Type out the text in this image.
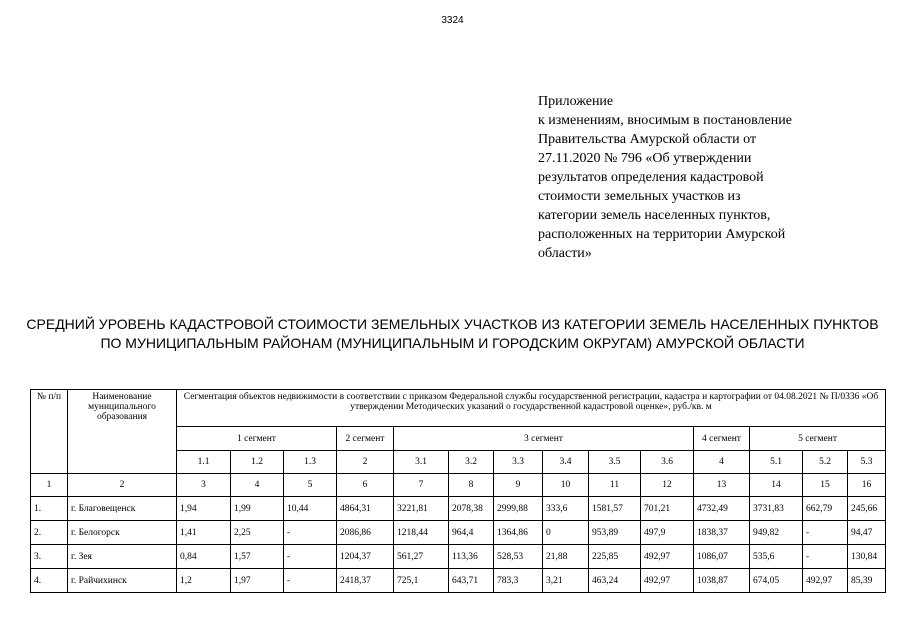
3324
Приложение
к изменениям, вносимым в постановление
Правительства Амурской области от
27.11.2020 № 796 «Об утверждении
результатов определения кадастровой
стоимости земельных участков из
категории земель населенных пунктов,
расположенных на территории Амурской
области»
СРЕДНИЙ УРОВЕНЬ КАДАСТРОВОЙ СТОИМОСТИ ЗЕМЕЛЬНЫХ УЧАСТКОВ ИЗ КАТЕГОРИИ ЗЕМЕЛЬ НАСЕЛЕННЫХ ПУНКТОВ ПО МУНИЦИПАЛЬНЫМ РАЙОНАМ (МУНИЦИПАЛЬНЫМ И ГОРОДСКИМ ОКРУГАМ) АМУРСКОЙ ОБЛАСТИ
№ п/п	Наименование муниципального образования	Сегментация объектов недвижимости в соответствии с приказом Федеральной службы государственной регистрации, кадастра и картографии от 04.08.2021 № П/0336 «Об утверждении Методических указаний о государственной кадастровой оценке», руб./кв. м													
		1 сегмент			2 сегмент	3 сегмент						4 сегмент	5 сегмент		
		1.1	1.2	1.3	2	3.1	3.2	3.3	3.4	3.5	3.6	4	5.1	5.2	5.3
1	2	3	4	5	6	7	8	9	10	11	12	13	14	15	16
1.	г. Благовещенск	1,94	1,99	10,44	4864,31	3221,81	2078,38	2999,88	333,6	1581,57	701,21	4732,49	3731,83	662,79	245,66
2.	г. Белогорск	1,41	2,25	-	2086,86	1218,44	964,4	1364,86	0	953,89	497,9	1838,37	949,82	-	94,47
3.	г. Зея	0,84	1,57	-	1204,37	561,27	113,36	528,53	21,88	225,85	492,97	1086,07	535,6	-	130,84
4.	г. Райчихинск	1,2	1,97	-	2418,37	725,1	643,71	783,3	3,21	463,24	492,97	1038,87	674,05	492,97	85,39
